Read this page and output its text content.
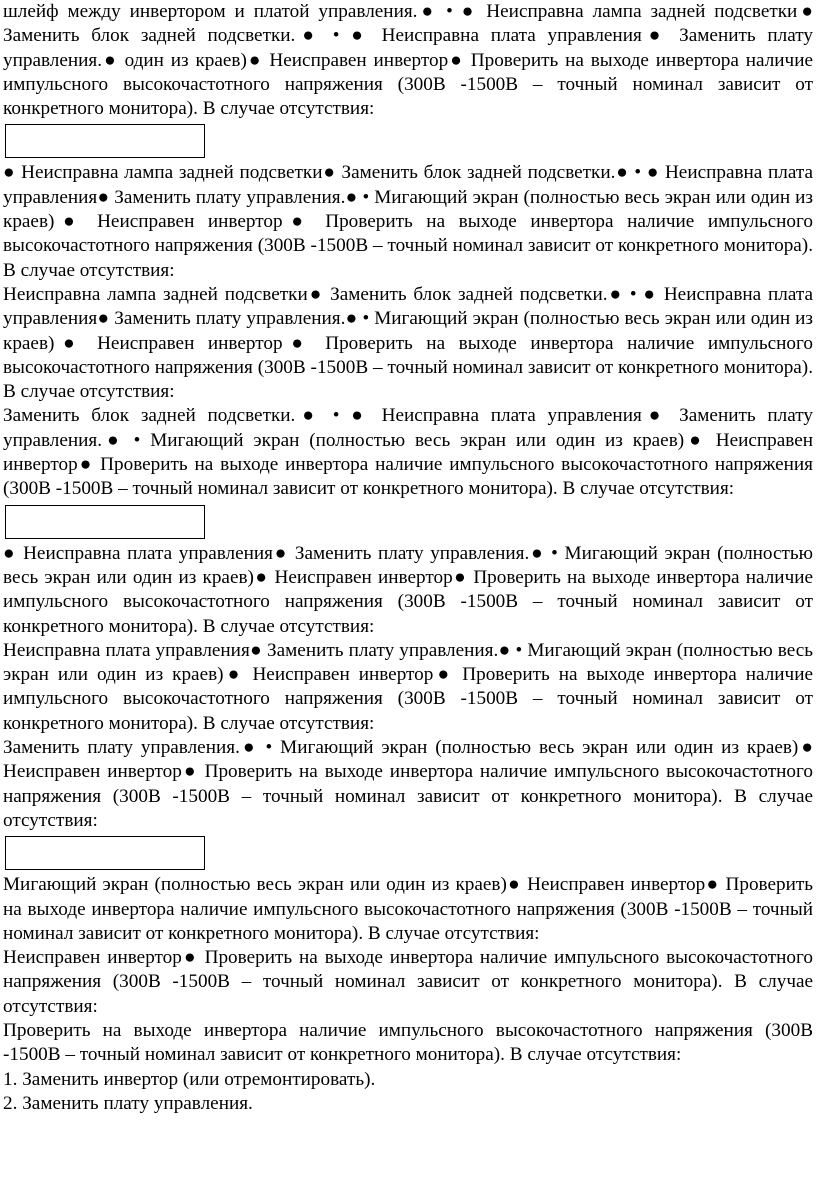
шлейф между инвертором и платой управления.● • ● Неисправна лампа задней подсветки● Заменить блок задней подсветки.● • ● Неисправна плата управления● Заменить плату управления.● один из краев)● Неисправен инвертор● Проверить на выходе инвертора наличие импульсного высокочастотного напряжения (300В -1500В – точный номинал зависит от конкретного монитора). В случае отсутствия:

● Неисправна лампа задней подсветки● Заменить блок задней подсветки.● • ● Неисправна плата управления● Заменить плату управления.● • Мигающий экран (полностью весь экран или один из краев)● Неисправен инвертор● Проверить на выходе инвертора наличие импульсного высокочастотного напряжения (300В -1500В – точный номинал зависит от конкретного монитора). В случае отсутствия:

Неисправна лампа задней подсветки● Заменить блок задней подсветки.● • ● Неисправна плата управления● Заменить плату управления.● • Мигающий экран (полностью весь экран или один из краев)● Неисправен инвертор● Проверить на выходе инвертора наличие импульсного высокочастотного напряжения (300В -1500В – точный номинал зависит от конкретного монитора). В случае отсутствия:

Заменить блок задней подсветки.● • ● Неисправна плата управления● Заменить плату управления.● • Мигающий экран (полностью весь экран или один из краев)● Неисправен инвертор● Проверить на выходе инвертора наличие импульсного высокочастотного напряжения (300В -1500В – точный номинал зависит от конкретного монитора). В случае отсутствия:

● Неисправна плата управления● Заменить плату управления.● • Мигающий экран (полностью весь экран или один из краев)● Неисправен инвертор● Проверить на выходе инвертора наличие импульсного высокочастотного напряжения (300В -1500В – точный номинал зависит от конкретного монитора). В случае отсутствия:

Неисправна плата управления● Заменить плату управления.● • Мигающий экран (полностью весь экран или один из краев)● Неисправен инвертор● Проверить на выходе инвертора наличие импульсного высокочастотного напряжения (300В -1500В – точный номинал зависит от конкретного монитора). В случае отсутствия:

Заменить плату управления.● • Мигающий экран (полностью весь экран или один из краев)● Неисправен инвертор● Проверить на выходе инвертора наличие импульсного высокочастотного напряжения (300В -1500В – точный номинал зависит от конкретного монитора). В случае отсутствия:

Мигающий экран (полностью весь экран или один из краев)● Неисправен инвертор● Проверить на выходе инвертора наличие импульсного высокочастотного напряжения (300В -1500В – точный номинал зависит от конкретного монитора). В случае отсутствия:

Неисправен инвертор● Проверить на выходе инвертора наличие импульсного высокочастотного напряжения (300В -1500В – точный номинал зависит от конкретного монитора). В случае отсутствия:

Проверить на выходе инвертора наличие импульсного высокочастотного напряжения (300В -1500В – точный номинал зависит от конкретного монитора). В случае отсутствия:

1. Заменить инвертор (или отремонтировать).

2. Заменить плату управления.
